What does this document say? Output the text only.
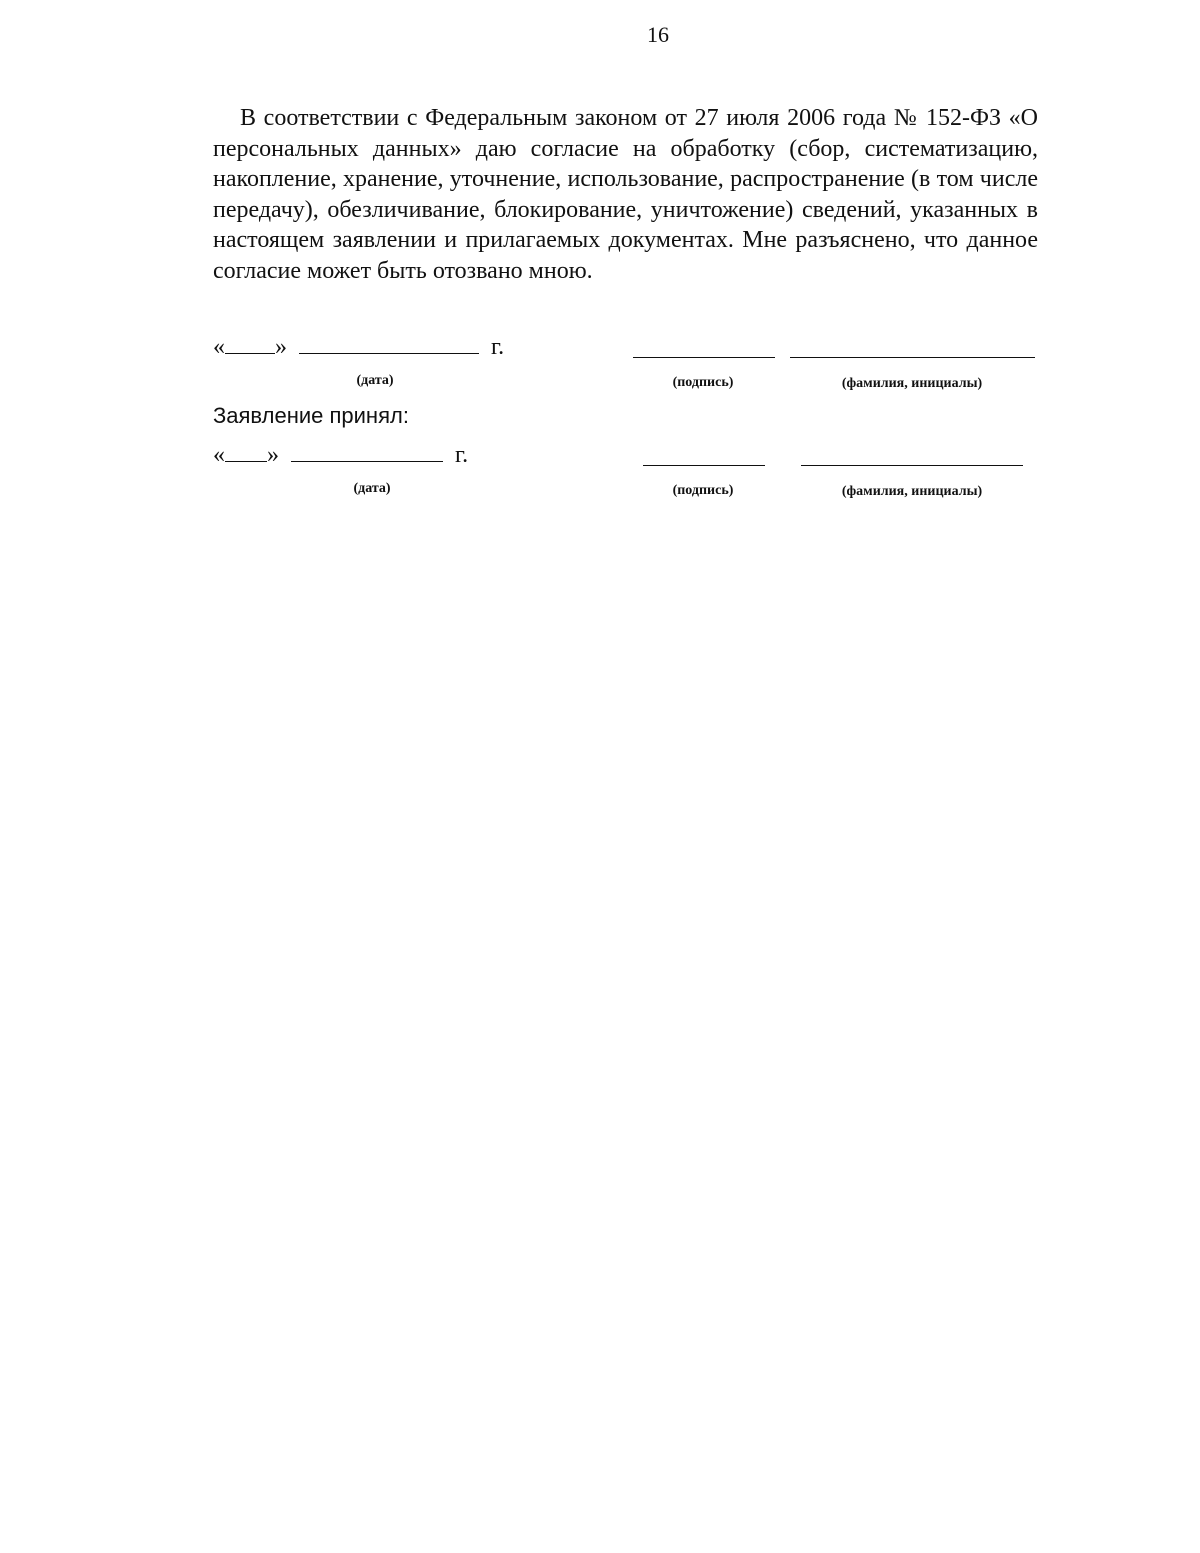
16

В соответствии с Федеральным законом от 27 июля 2006 года № 152-ФЗ «О персональных данных» даю согласие на обработку (сбор, систематизацию, накопление, хранение, уточнение, использование, распространение (в том числе передачу), обезличивание, блокирование, уничтожение) сведений, указанных в настоящем заявлении и прилагаемых документах. Мне разъяснено, что данное согласие может быть отозвано мною.

« »	г.
(дата)	(подпись)	(фамилия, инициалы)
Заявление принял:
« »	г.
(дата)	(подпись)	(фамилия, инициалы)
